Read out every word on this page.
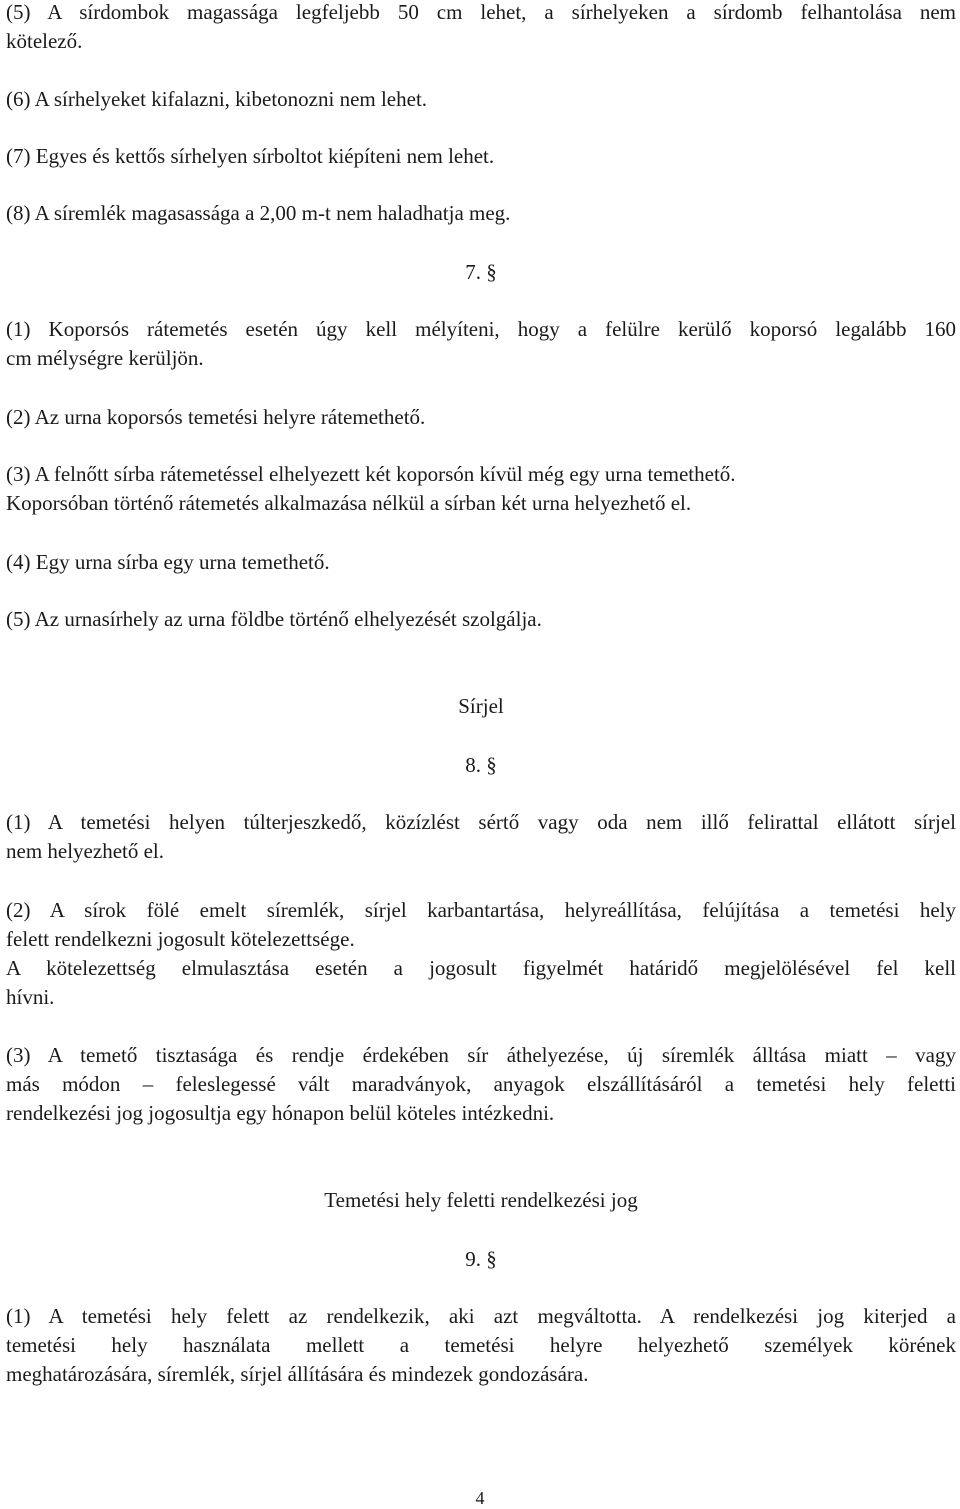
(5) A sírdombok magassága legfeljebb 50 cm lehet, a sírhelyeken a sírdomb felhantolása nem
kötelező.
(6) A sírhelyeket kifalazni, kibetonozni nem lehet.
(7) Egyes és kettős sírhelyen sírboltot kiépíteni nem lehet.
(8) A síremlék magasassága a 2,00 m-t nem haladhatja meg.
7. §
(1) Koporsós rátemetés esetén úgy kell mélyíteni, hogy a felülre kerülő koporsó legalább 160
cm mélységre kerüljön.
(2) Az urna koporsós temetési helyre rátemethető.
(3) A felnőtt sírba rátemetéssel elhelyezett két koporsón kívül még egy urna temethető.
Koporsóban történő rátemetés alkalmazása nélkül a sírban két urna helyezhető el.
(4) Egy urna sírba egy urna temethető.
(5) Az urnasírhely az urna földbe történő elhelyezését szolgálja.
Sírjel
8. §
(1) A temetési helyen túlterjeszkedő, közízlést sértő vagy oda nem illő felirattal ellátott sírjel
nem helyezhető el.
(2) A sírok fölé emelt síremlék, sírjel karbantartása, helyreállítása, felújítása a temetési hely
felett rendelkezni jogosult kötelezettsége.
A kötelezettség elmulasztása esetén a jogosult figyelmét határidő megjelölésével fel kell
hívni.
(3) A temető tisztasága és rendje érdekében sír áthelyezése, új síremlék álltása miatt – vagy
más módon – feleslegessé vált maradványok, anyagok elszállításáról a temetési hely feletti
rendelkezési jog jogosultja egy hónapon belül köteles intézkedni.
Temetési hely feletti rendelkezési jog
9. §
(1) A temetési hely felett az rendelkezik, aki azt megváltotta. A rendelkezési jog kiterjed a
temetési hely használata mellett a temetési helyre helyezhető személyek körének
meghatározására, síremlék, sírjel állítására és mindezek gondozására.
4
